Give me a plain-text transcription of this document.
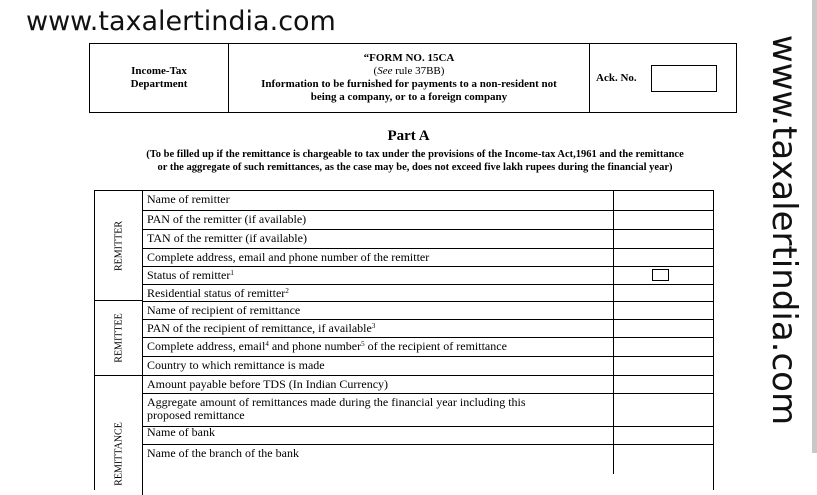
www.taxalertindia.com
www.taxalertindia.com
Income-Tax
Department
“FORM NO. 15CA
(See rule 37BB)
Information to be furnished for payments to a non-resident not
being a company, or to a foreign company
Ack. No.
Part A
(To be filled up if the remittance is chargeable to tax under the provisions of the Income-tax Act,1961 and the remittance
or the aggregate of such remittances, as the case may be, does not exceed five lakh rupees during the financial year)
REMITTER
REMITTEE
REMITTANCE
Name of remitter
PAN of the remitter (if available)
TAN of the remitter (if available)
Complete address, email and phone number of the remitter
Status of remitter$^1$
Residential status of remitter$^2$
Name of recipient of remittance
PAN of the recipient of remittance, if available$^3$
Complete address, email$^4$ and phone number$^5$ of the recipient of remittance
Country to which remittance is made
Amount payable before TDS (In Indian Currency)
Aggregate amount of remittances made during the financial year including this
proposed remittance
Name of bank
Name of the branch of the bank
